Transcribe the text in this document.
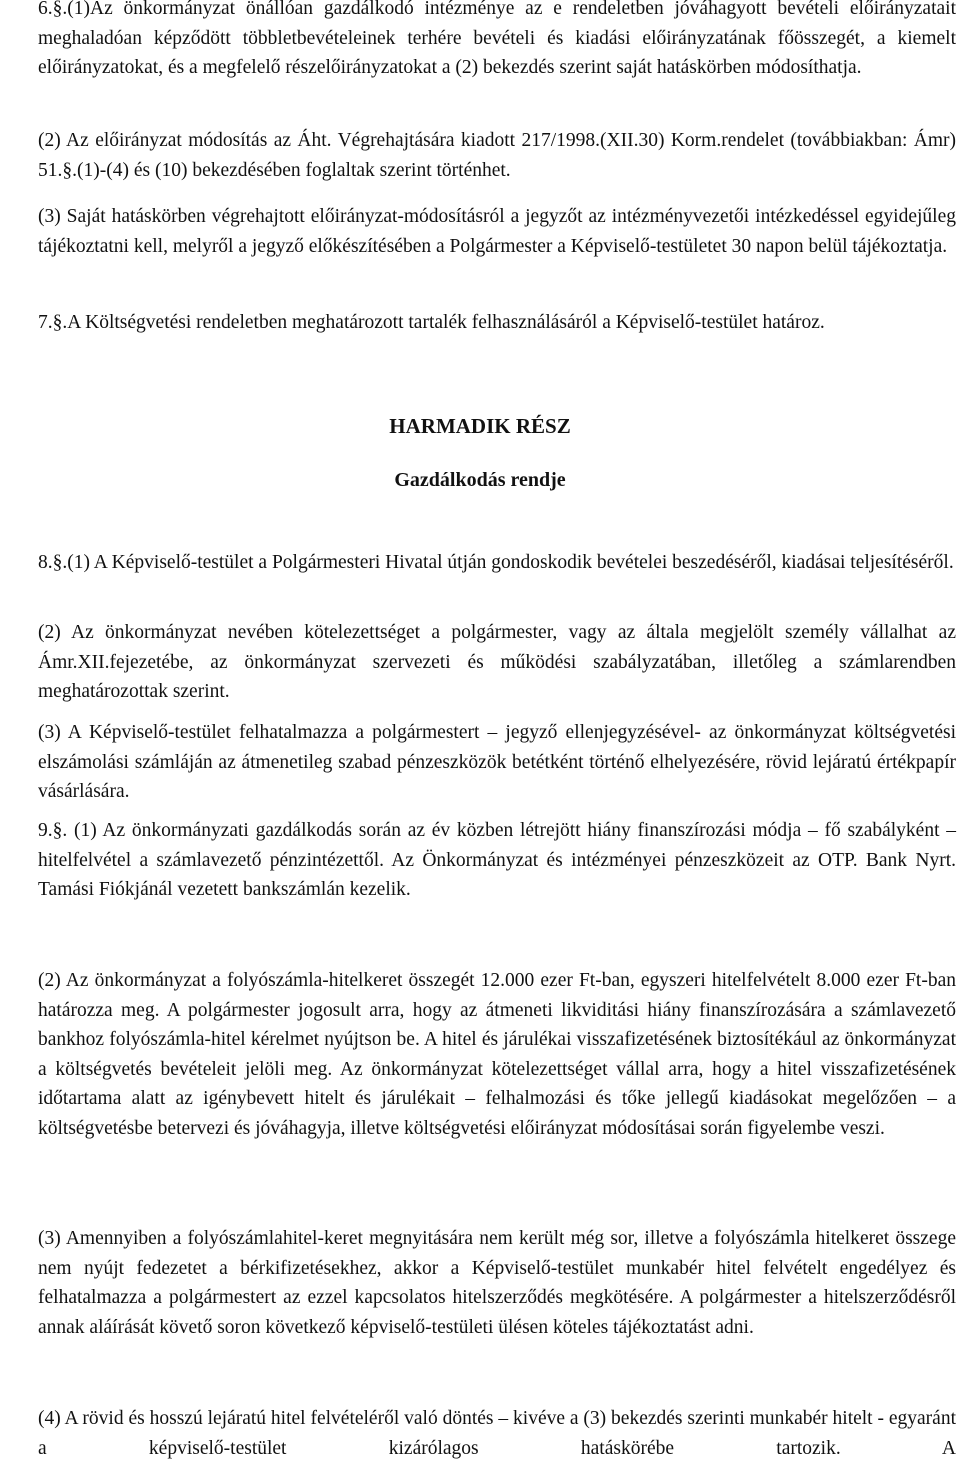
6.§.(1)Az önkormányzat önállóan gazdálkodó intézménye az e rendeletben jóváhagyott bevételi előirányzatait meghaladóan képződött többletbevételeinek terhére bevételi és kiadási előirányzatának főösszegét, a kiemelt előirányzatokat, és a megfelelő részelőirányzatokat a (2) bekezdés szerint saját hatáskörben módosíthatja.

(2) Az előirányzat módosítás az Áht. Végrehajtására kiadott 217/1998.(XII.30) Korm.rendelet (továbbiakban: Ámr) 51.§.(1)-(4) és (10) bekezdésében foglaltak szerint történhet.

(3) Saját hatáskörben végrehajtott előirányzat-módosításról a jegyzőt az intézményvezetői intézkedéssel egyidejűleg tájékoztatni kell, melyről a jegyző előkészítésében a Polgármester a Képviselő-testületet 30 napon belül tájékoztatja.

7.§.A Költségvetési rendeletben meghatározott tartalék felhasználásáról a Képviselő-testület határoz.

HARMADIK RÉSZ

Gazdálkodás rendje

8.§.(1) A Képviselő-testület a Polgármesteri Hivatal útján gondoskodik bevételei beszedéséről, kiadásai teljesítéséről.

(2) Az önkormányzat nevében kötelezettséget a polgármester, vagy az általa megjelölt személy vállalhat az Ámr.XII.fejezetébe, az önkormányzat szervezeti és működési szabályzatában, illetőleg a számlarendben meghatározottak szerint.

(3) A Képviselő-testület felhatalmazza a polgármestert – jegyző ellenjegyzésével- az önkormányzat költségvetési elszámolási számláján az átmenetileg szabad pénzeszközök betétként történő elhelyezésére, rövid lejáratú értékpapír vásárlására.

9.§. (1) Az önkormányzati gazdálkodás során az év közben létrejött hiány finanszírozási módja – fő szabályként – hitelfelvétel a számlavezető pénzintézettől. Az Önkormányzat és intézményei pénzeszközeit az OTP. Bank Nyrt. Tamási Fiókjánál vezetett bankszámlán kezelik.

(2) Az önkormányzat a folyószámla-hitelkeret összegét 12.000 ezer Ft-ban, egyszeri hitelfelvételt 8.000 ezer Ft-ban határozza meg. A polgármester jogosult arra, hogy az átmeneti likviditási hiány finanszírozására a számlavezető bankhoz folyószámla-hitel kérelmet nyújtson be. A hitel és járulékai visszafizetésének biztosítékául az önkormányzat a költségvetés bevételeit jelöli meg. Az önkormányzat kötelezettséget vállal arra, hogy a hitel visszafizetésének időtartama alatt az igénybevett hitelt és járulékait – felhalmozási és tőke jellegű kiadásokat megelőzően – a költségvetésbe betervezi és jóváhagyja, illetve költségvetési előirányzat módosításai során figyelembe veszi.

(3) Amennyiben a folyószámlahitel-keret megnyitására nem került még sor, illetve a folyószámla hitelkeret összege nem nyújt fedezetet a bérkifizetésekhez, akkor a Képviselő-testület munkabér hitel felvételt engedélyez és felhatalmazza a polgármestert az ezzel kapcsolatos hitelszerződés megkötésére. A polgármester a hitelszerződésről annak aláírását követő soron következő képviselő-testületi ülésen köteles tájékoztatást adni.

(4) A rövid és hosszú lejáratú hitel felvételéről való döntés – kivéve a (3) bekezdés szerinti munkabér hitelt - egyaránt a képviselő-testület kizárólagos hatáskörébe tartozik. A
